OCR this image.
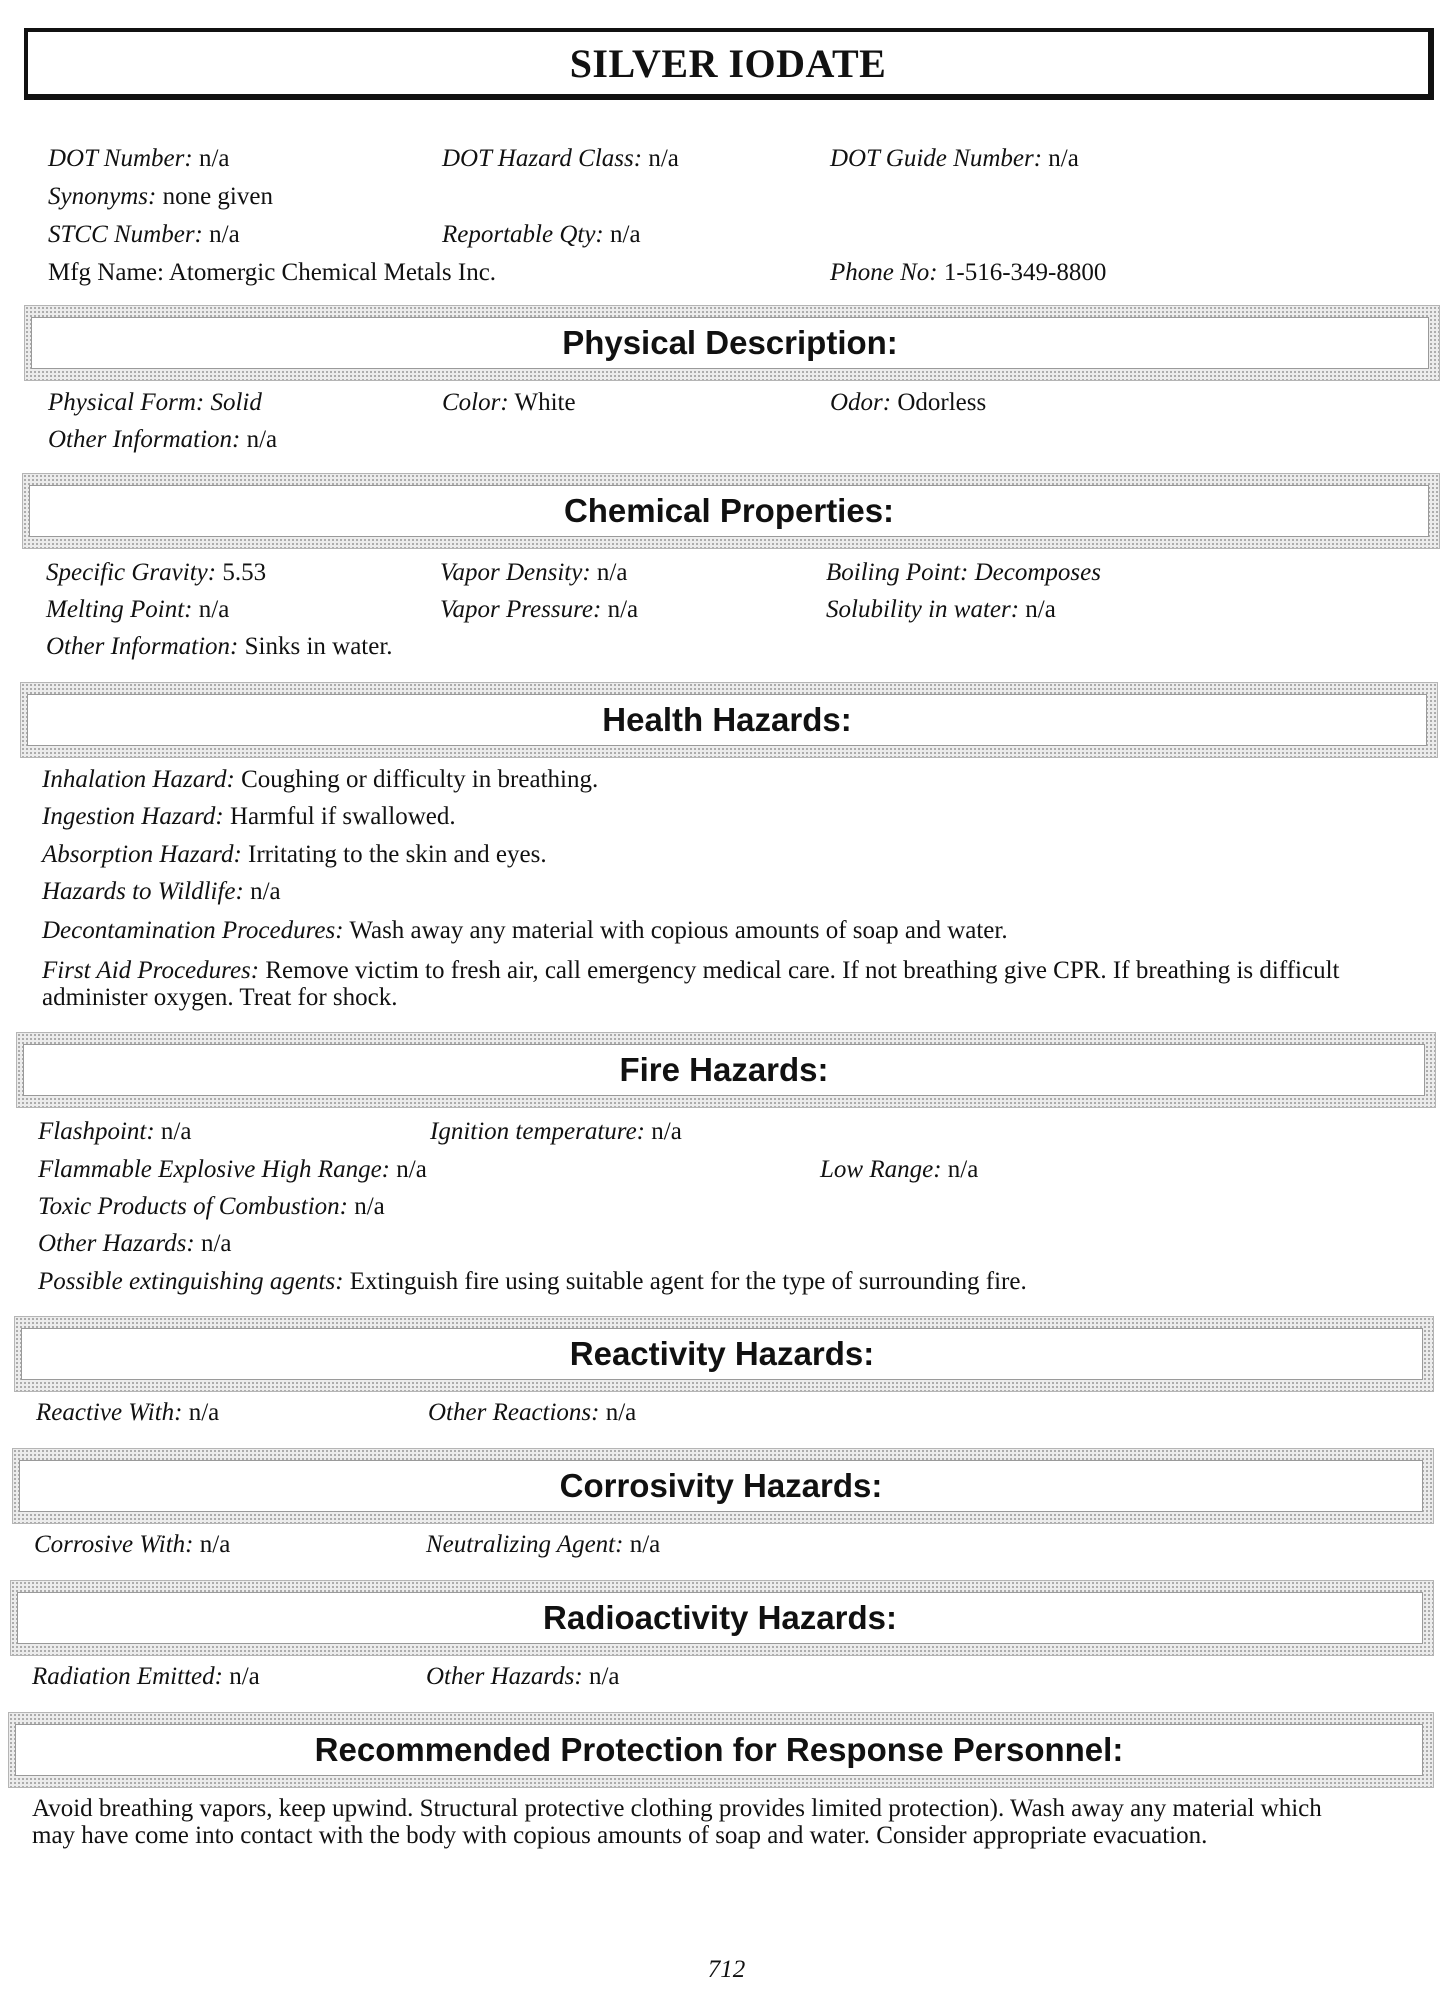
SILVER IODATE
DOT Number: n/a	DOT Hazard Class: n/a	DOT Guide Number: n/a
Synonyms: none given
STCC Number: n/a	Reportable Qty: n/a
Mfg Name: Atomergic Chemical Metals Inc.	Phone No: 1-516-349-8800
Physical Description:
Physical Form: Solid	Color: White	Odor: Odorless
Other Information: n/a
Chemical Properties:
Specific Gravity: 5.53	Vapor Density: n/a	Boiling Point: Decomposes
Melting Point: n/a	Vapor Pressure: n/a	Solubility in water: n/a
Other Information: Sinks in water.
Health Hazards:
Inhalation Hazard: Coughing or difficulty in breathing.
Ingestion Hazard: Harmful if swallowed.
Absorption Hazard: Irritating to the skin and eyes.
Hazards to Wildlife: n/a
Decontamination Procedures: Wash away any material with copious amounts of soap and water.
First Aid Procedures: Remove victim to fresh air, call emergency medical care. If not breathing give CPR. If breathing is difficult administer oxygen. Treat for shock.
Fire Hazards:
Flashpoint: n/a	Ignition temperature: n/a
Flammable Explosive High Range: n/a	Low Range: n/a
Toxic Products of Combustion: n/a
Other Hazards: n/a
Possible extinguishing agents: Extinguish fire using suitable agent for the type of surrounding fire.
Reactivity Hazards:
Reactive With: n/a	Other Reactions: n/a
Corrosivity Hazards:
Corrosive With: n/a	Neutralizing Agent: n/a
Radioactivity Hazards:
Radiation Emitted: n/a	Other Hazards: n/a
Recommended Protection for Response Personnel:
Avoid breathing vapors, keep upwind. Structural protective clothing provides limited protection). Wash away any material which may have come into contact with the body with copious amounts of soap and water. Consider appropriate evacuation.
712
